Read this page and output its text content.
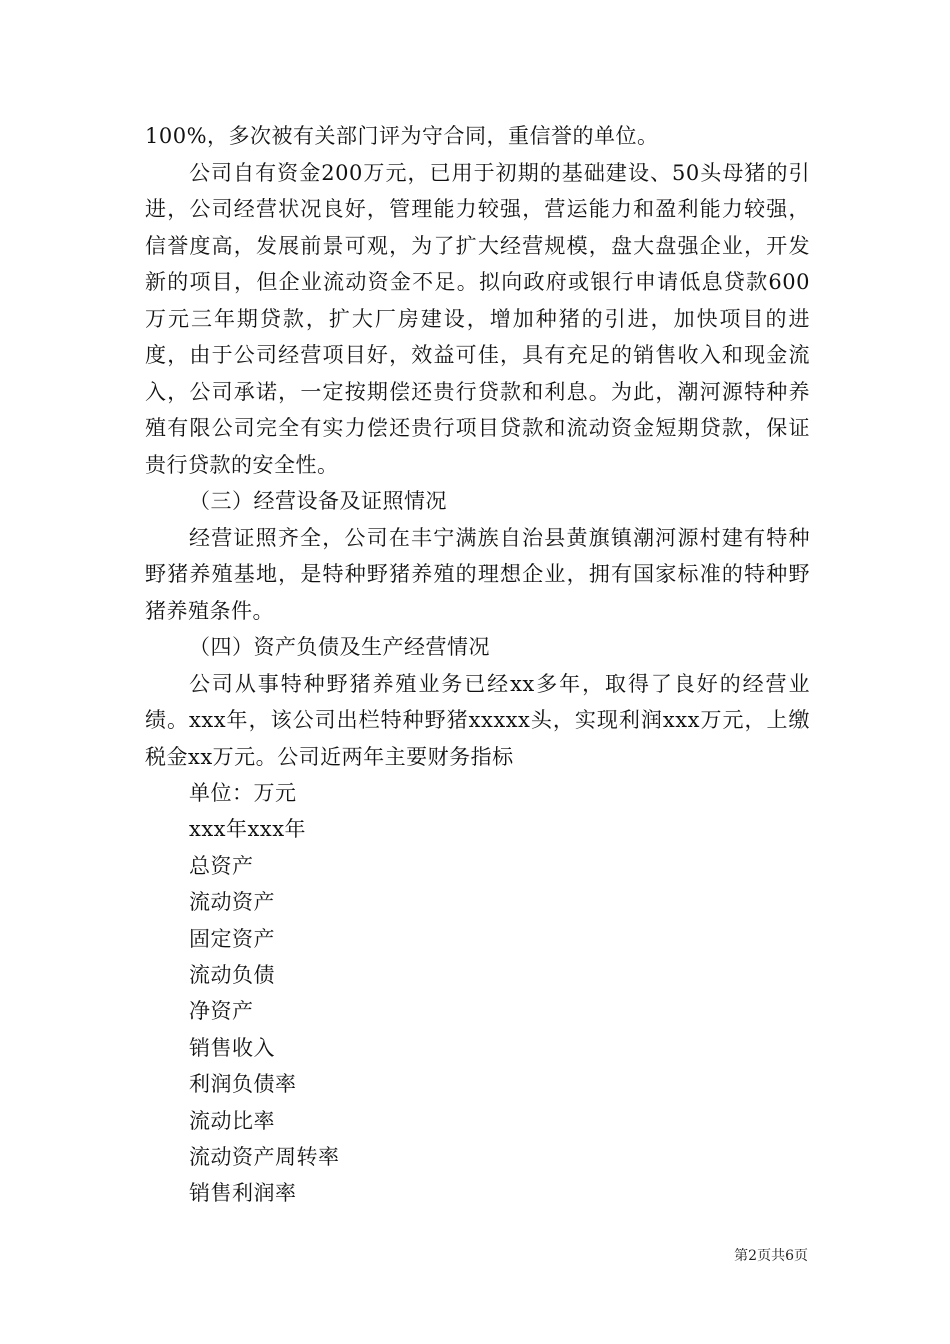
100%，多次被有关部门评为守合同，重信誉的单位。

公司自有资金200万元，已用于初期的基础建设、50头母猪的引进，公司经营状况良好，管理能力较强，营运能力和盈利能力较强，信誉度高，发展前景可观，为了扩大经营规模，盘大盘强企业，开发新的项目，但企业流动资金不足。拟向政府或银行申请低息贷款600万元三年期贷款，扩大厂房建设，增加种猪的引进，加快项目的进度，由于公司经营项目好，效益可佳，具有充足的销售收入和现金流入，公司承诺，一定按期偿还贵行贷款和利息。为此，潮河源特种养殖有限公司完全有实力偿还贵行项目贷款和流动资金短期贷款，保证贵行贷款的安全性。

（三）经营设备及证照情况

经营证照齐全，公司在丰宁满族自治县黄旗镇潮河源村建有特种野猪养殖基地，是特种野猪养殖的理想企业，拥有国家标准的特种野猪养殖条件。

（四）资产负债及生产经营情况

公司从事特种野猪养殖业务已经xx多年，取得了良好的经营业绩。xxx年，该公司出栏特种野猪xxxxx头，实现利润xxx万元，上缴税金xx万元。公司近两年主要财务指标

单位：万元

xxx年xxx年

总资产

流动资产

固定资产

流动负债

净资产

销售收入

利润负债率

流动比率

流动资产周转率

销售利润率

第2页共6页
